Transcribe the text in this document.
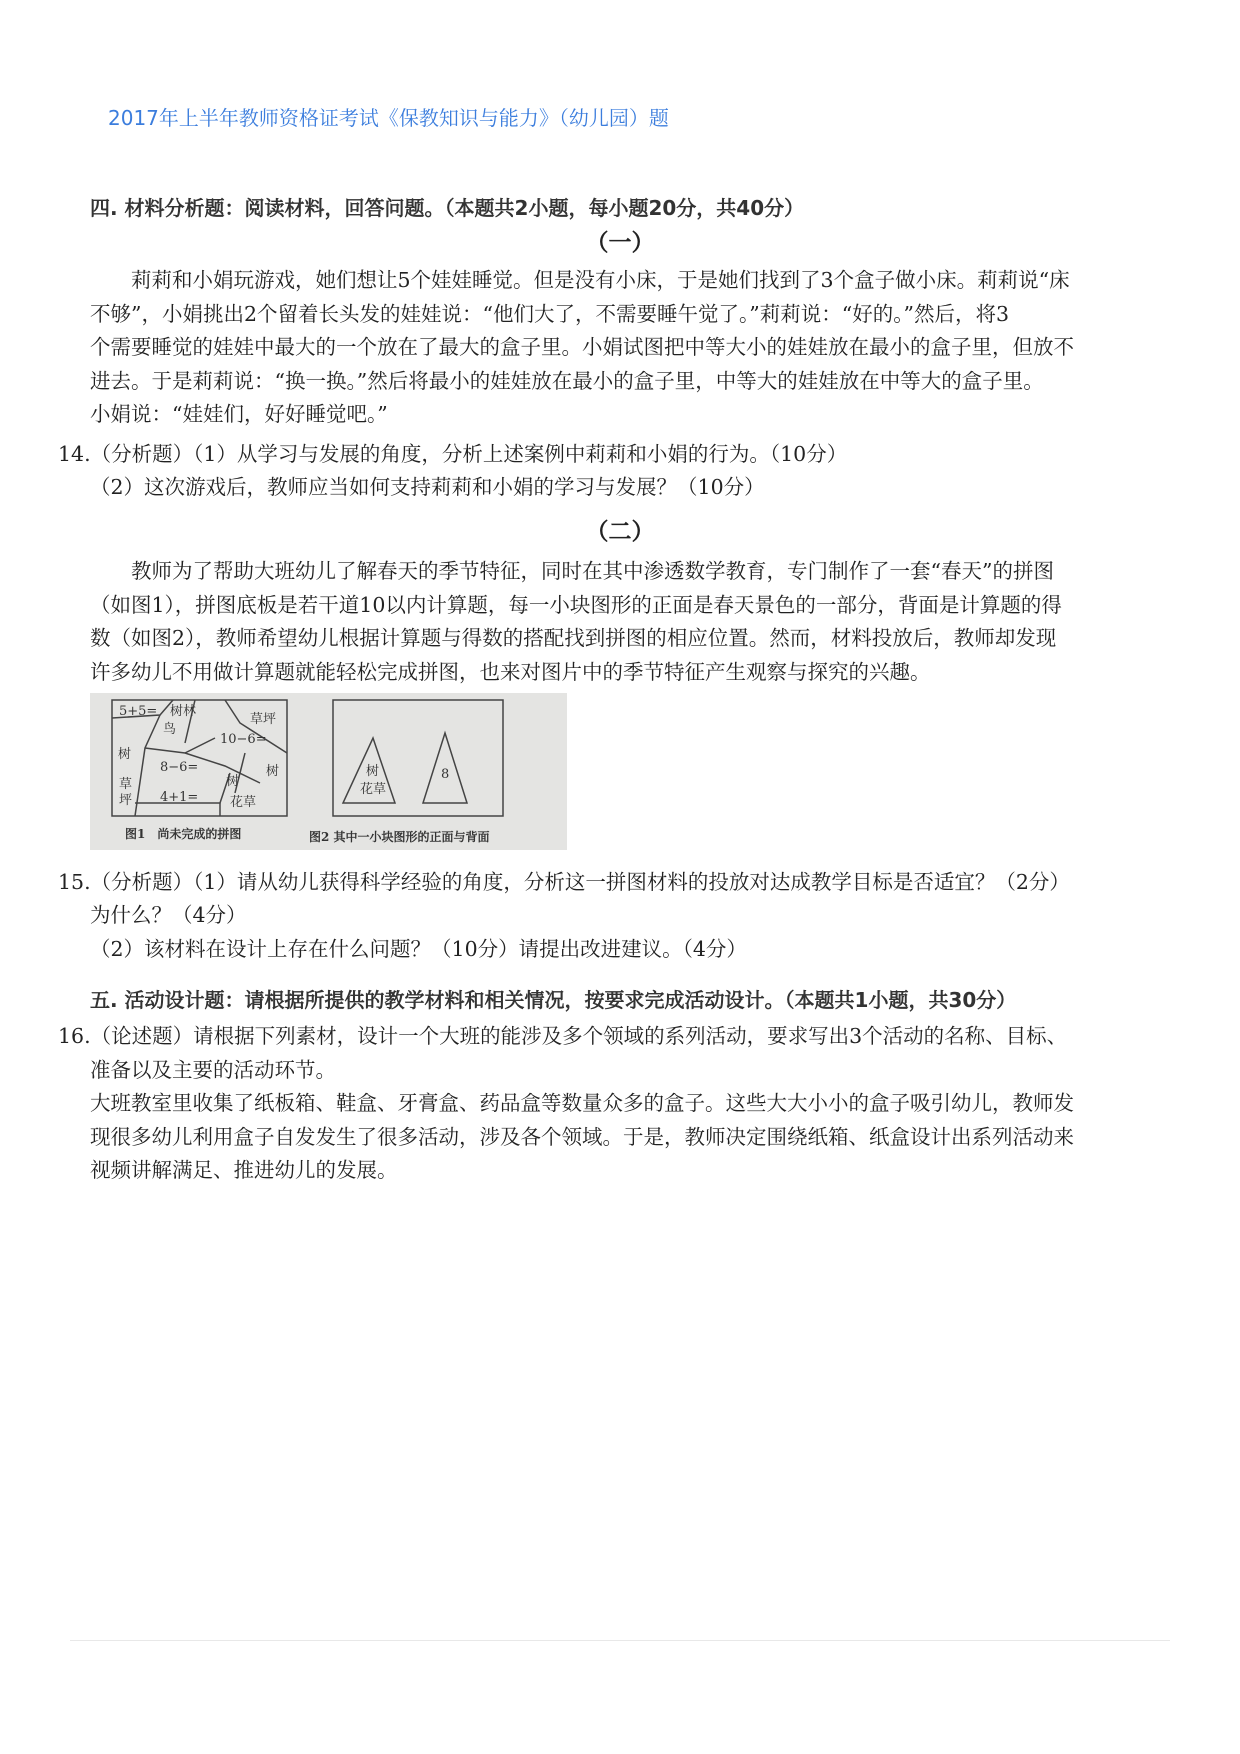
2017年上半年教师资格证考试《保教知识与能力》（幼儿园）题
四. 材料分析题：阅读材料，回答问题。（本题共2小题，每小题20分，共40分）
（一）
　　莉莉和小娟玩游戏，她们想让5个娃娃睡觉。但是没有小床，于是她们找到了3个盒子做小床。莉莉说“床
不够”，小娟挑出2个留着长头发的娃娃说：“他们大了，不需要睡午觉了。”莉莉说：“好的。”然后，将3
个需要睡觉的娃娃中最大的一个放在了最大的盒子里。小娟试图把中等大小的娃娃放在最小的盒子里，但放不
进去。于是莉莉说：“换一换。”然后将最小的娃娃放在最小的盒子里，中等大的娃娃放在中等大的盒子里。
小娟说：“娃娃们，好好睡觉吧。”
14.（分析题）（1）从学习与发展的角度，分析上述案例中莉莉和小娟的行为。（10分）
（2）这次游戏后，教师应当如何支持莉莉和小娟的学习与发展？（10分）
（二）
　　教师为了帮助大班幼儿了解春天的季节特征，同时在其中渗透数学教育，专门制作了一套“春天”的拼图
（如图1），拼图底板是若干道10以内计算题，每一小块图形的正面是春天景色的一部分，背面是计算题的得
数（如图2），教师希望幼儿根据计算题与得数的搭配找到拼图的相应位置。然而，材料投放后，教师却发现
许多幼儿不用做计算题就能轻松完成拼图，也来对图片中的季节特征产生观察与探究的兴趣。
5+5= 树林
鸟
草坪
10−6=
树
8−6=	树
树
草
坪 4+1= 花草
树
花草
8
图1　尚未完成的拼图	图2 其中一小块图形的正面与背面
15.（分析题）（1）请从幼儿获得科学经验的角度，分析这一拼图材料的投放对达成教学目标是否适宜？（2分）
为什么？（4分）
（2）该材料在设计上存在什么问题？（10分）请提出改进建议。（4分）
五. 活动设计题：请根据所提供的教学材料和相关情况，按要求完成活动设计。（本题共1小题，共30分）
16.（论述题）请根据下列素材，设计一个大班的能涉及多个领域的系列活动，要求写出3个活动的名称、目标、
准备以及主要的活动环节。
大班教室里收集了纸板箱、鞋盒、牙膏盒、药品盒等数量众多的盒子。这些大大小小的盒子吸引幼儿，教师发
现很多幼儿利用盒子自发发生了很多活动，涉及各个领域。于是，教师决定围绕纸箱、纸盒设计出系列活动来
视频讲解满足、推进幼儿的发展。
